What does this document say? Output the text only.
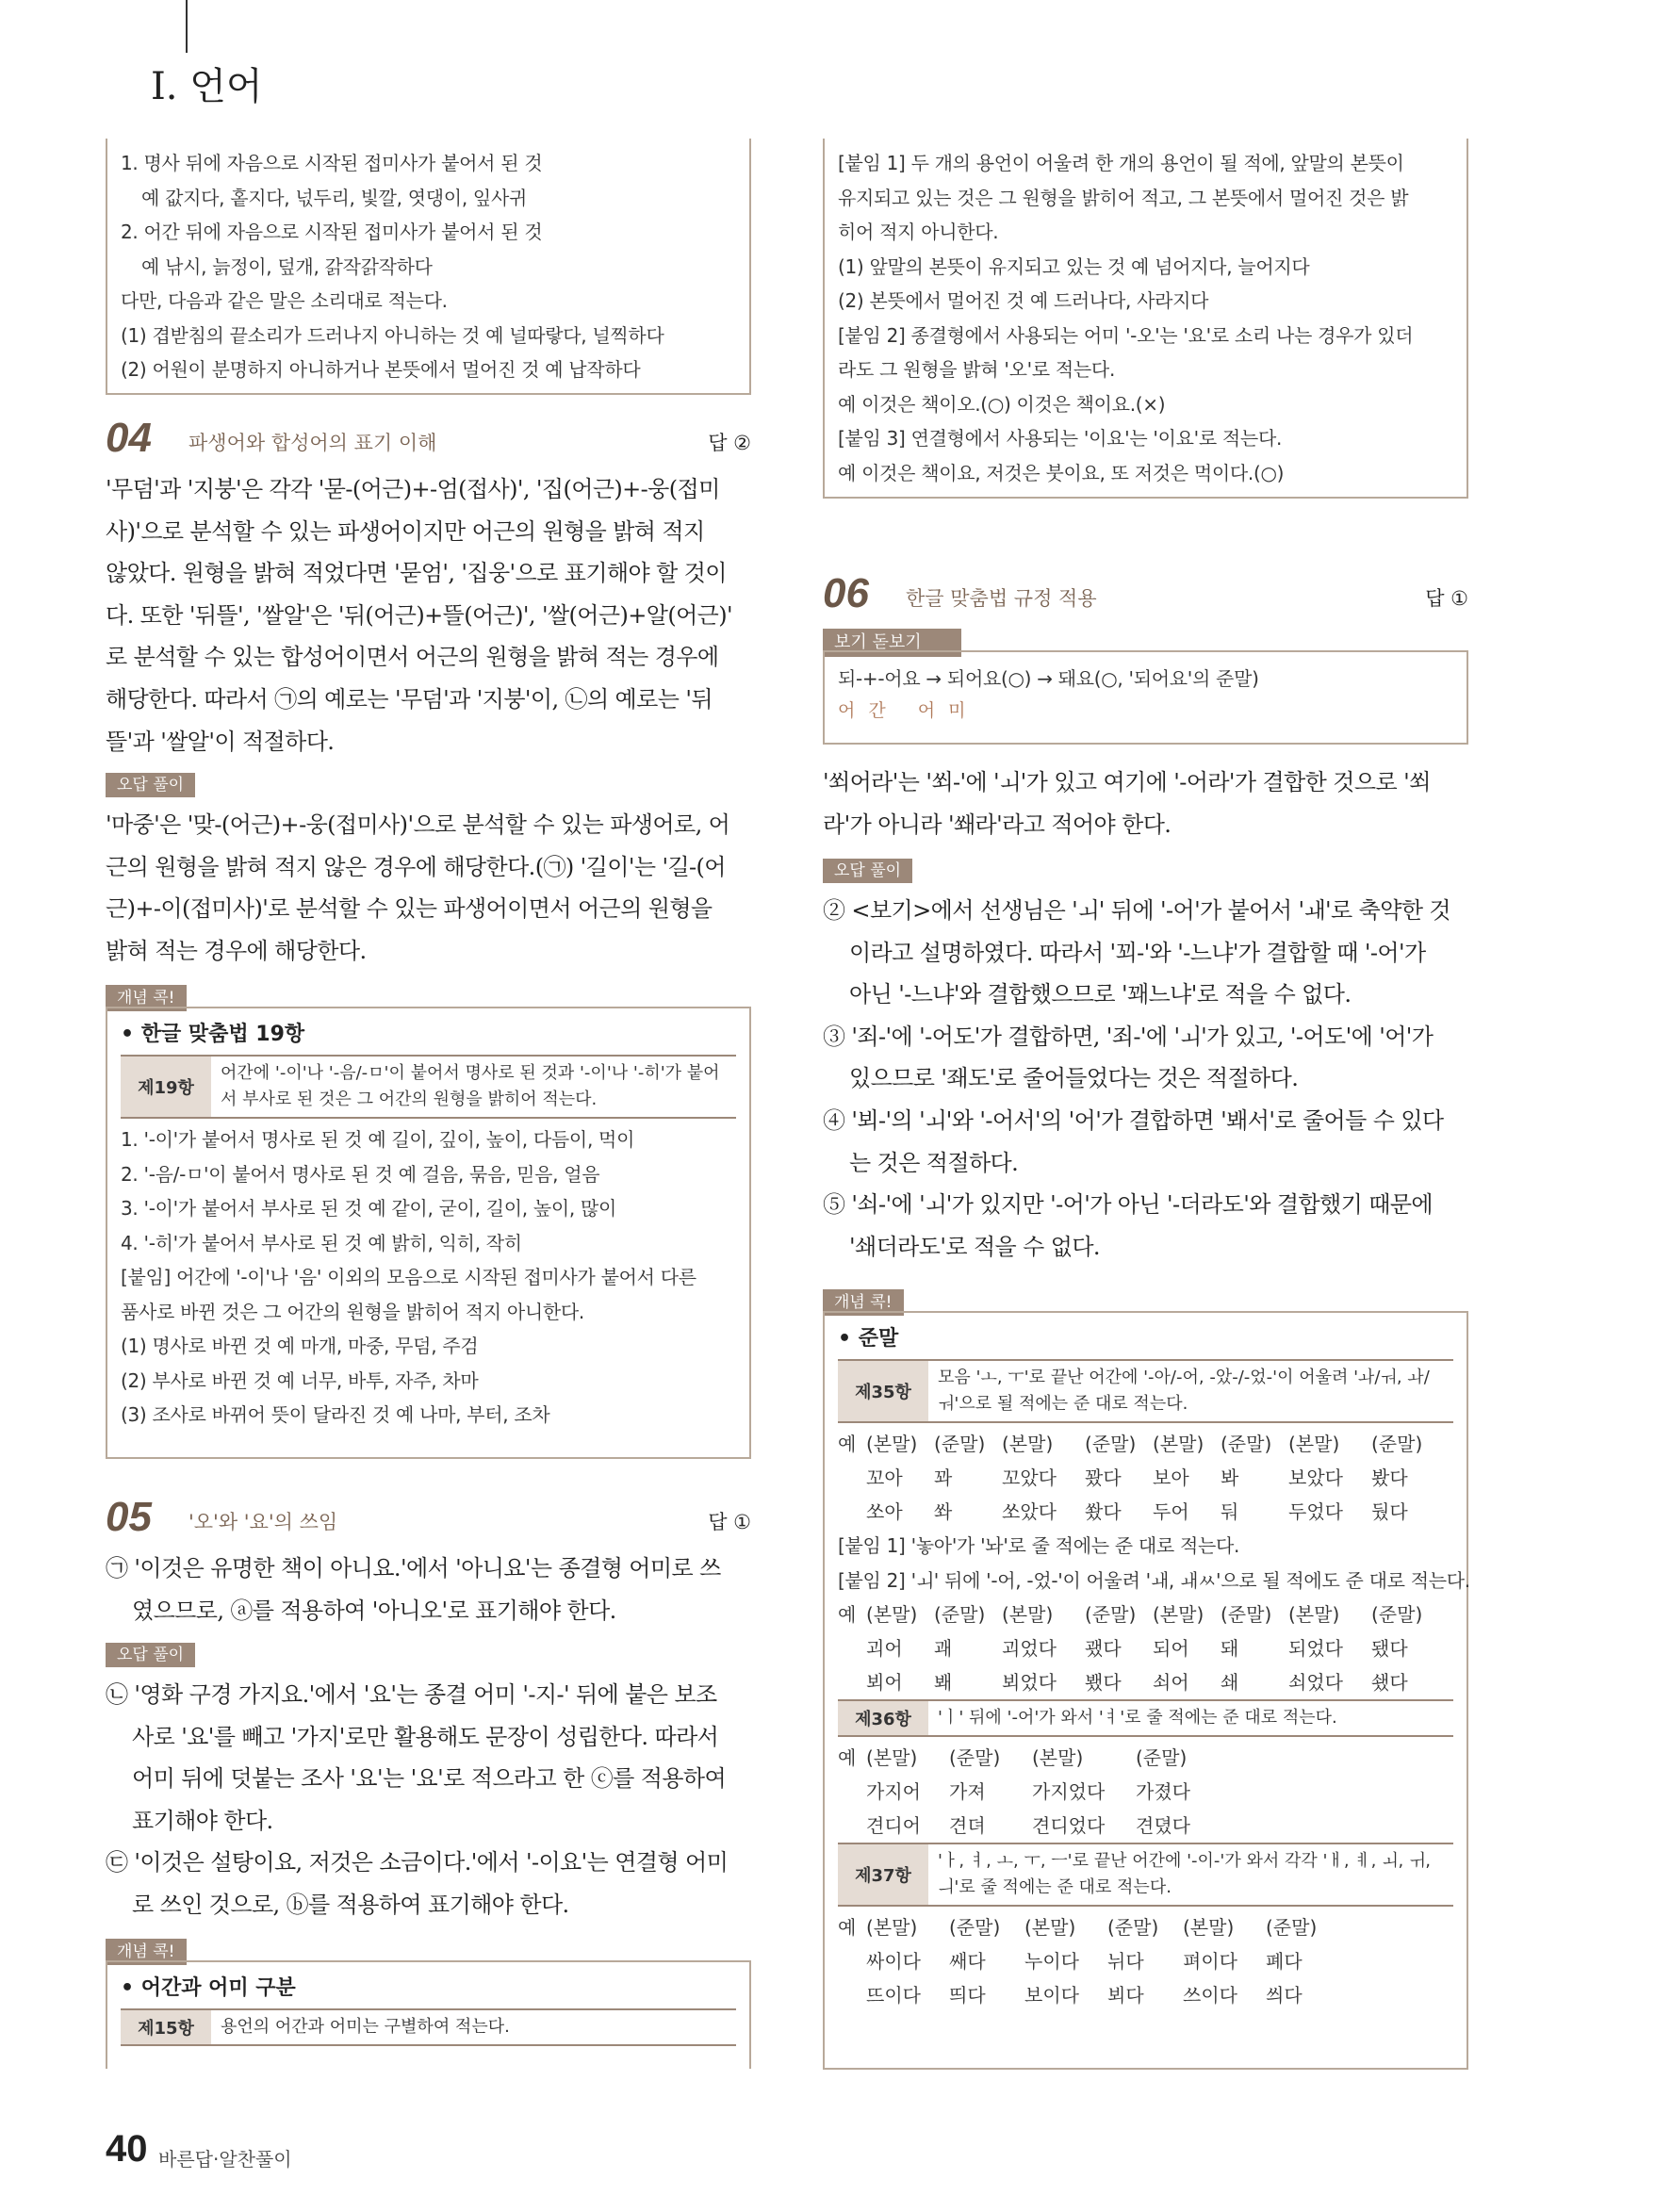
Ⅰ. 언어
1. 명사 뒤에 자음으로 시작된 접미사가 붙어서 된 것
예 값지다, 홑지다, 넋두리, 빛깔, 엿댕이, 잎사귀
2. 어간 뒤에 자음으로 시작된 접미사가 붙어서 된 것
예 낚시, 늙정이, 덮개, 갉작갉작하다
다만, 다음과 같은 말은 소리대로 적는다.
(1) 겹받침의 끝소리가 드러나지 아니하는 것 예 널따랗다, 널찍하다
(2) 어원이 분명하지 아니하거나 본뜻에서 멀어진 것 예 납작하다
[붙임 1] 두 개의 용언이 어울려 한 개의 용언이 될 적에, 앞말의 본뜻이
유지되고 있는 것은 그 원형을 밝히어 적고, 그 본뜻에서 멀어진 것은 밝
히어 적지 아니한다.
(1) 앞말의 본뜻이 유지되고 있는 것 예 넘어지다, 늘어지다
(2) 본뜻에서 멀어진 것 예 드러나다, 사라지다
[붙임 2] 종결형에서 사용되는 어미 '-오'는 '요'로 소리 나는 경우가 있더
라도 그 원형을 밝혀 '오'로 적는다.
예 이것은 책이오.(○) 이것은 책이요.(×)
[붙임 3] 연결형에서 사용되는 '이요'는 '이요'로 적는다.
예 이것은 책이요, 저것은 붓이요, 또 저것은 먹이다.(○)
04 파생어와 합성어의 표기 이해	답 ②
'무덤'과 '지붕'은 각각 '묻-(어근)+-엄(접사)', '집(어근)+-웅(접미
사)'으로 분석할 수 있는 파생어이지만 어근의 원형을 밝혀 적지
않았다. 원형을 밝혀 적었다면 '묻엄', '집웅'으로 표기해야 할 것이
다. 또한 '뒤뜰', '쌀알'은 '뒤(어근)+뜰(어근)', '쌀(어근)+알(어근)'
로 분석할 수 있는 합성어이면서 어근의 원형을 밝혀 적는 경우에
해당한다. 따라서 ㉠의 예로는 '무덤'과 '지붕'이, ㉡의 예로는 '뒤
뜰'과 '쌀알'이 적절하다.
오답 풀이
'마중'은 '맞-(어근)+-웅(접미사)'으로 분석할 수 있는 파생어로, 어
근의 원형을 밝혀 적지 않은 경우에 해당한다.(㉠) '길이'는 '길-(어
근)+-이(접미사)'로 분석할 수 있는 파생어이면서 어근의 원형을
밝혀 적는 경우에 해당한다.
개념 콕!
• 한글 맞춤법 19항
제19항
어간에 '-이'나 '-음/-ㅁ'이 붙어서 명사로 된 것과 '-이'나 '-히'가 붙어서 부사로 된 것은 그 어간의 원형을 밝히어 적는다.
1. '-이'가 붙어서 명사로 된 것 예 길이, 깊이, 높이, 다듬이, 먹이
2. '-음/-ㅁ'이 붙어서 명사로 된 것 예 걸음, 묶음, 믿음, 얼음
3. '-이'가 붙어서 부사로 된 것 예 같이, 굳이, 길이, 높이, 많이
4. '-히'가 붙어서 부사로 된 것 예 밝히, 익히, 작히
[붙임] 어간에 '-이'나 '음' 이외의 모음으로 시작된 접미사가 붙어서 다른
품사로 바뀐 것은 그 어간의 원형을 밝히어 적지 아니한다.
(1) 명사로 바뀐 것 예 마개, 마중, 무덤, 주검
(2) 부사로 바뀐 것 예 너무, 바투, 자주, 차마
(3) 조사로 바뀌어 뜻이 달라진 것 예 나마, 부터, 조차
05 '오'와 '요'의 쓰임	답 ①
㉠ '이것은 유명한 책이 아니요.'에서 '아니요'는 종결형 어미로 쓰
였으므로, ⓐ를 적용하여 '아니오'로 표기해야 한다.
오답 풀이
㉡ '영화 구경 가지요.'에서 '요'는 종결 어미 '-지-' 뒤에 붙은 보조
사로 '요'를 빼고 '가지'로만 활용해도 문장이 성립한다. 따라서
어미 뒤에 덧붙는 조사 '요'는 '요'로 적으라고 한 ⓒ를 적용하여
표기해야 한다.
㉢ '이것은 설탕이요, 저것은 소금이다.'에서 '-이요'는 연결형 어미
로 쓰인 것으로, ⓑ를 적용하여 표기해야 한다.
개념 콕!
• 어간과 어미 구분
제15항	용언의 어간과 어미는 구별하여 적는다.
06 한글 맞춤법 규정 적용	답 ①
보기 돋보기
되-+-어요 → 되어요(○) → 돼요(○, '되어요'의 준말)
어간 어미
'쐬어라'는 '쐬-'에 'ㅚ'가 있고 여기에 '-어라'가 결합한 것으로 '쐬
라'가 아니라 '쐐라'라고 적어야 한다.
오답 풀이
② <보기>에서 선생님은 'ㅚ' 뒤에 '-어'가 붙어서 'ㅙ'로 축약한 것
이라고 설명하였다. 따라서 '꾀-'와 '-느냐'가 결합할 때 '-어'가
아닌 '-느냐'와 결합했으므로 '꽤느냐'로 적을 수 없다.
③ '죄-'에 '-어도'가 결합하면, '죄-'에 'ㅚ'가 있고, '-어도'에 '어'가
있으므로 '좨도'로 줄어들었다는 것은 적절하다.
④ '뵈-'의 'ㅚ'와 '-어서'의 '어'가 결합하면 '봬서'로 줄어들 수 있다
는 것은 적절하다.
⑤ '쇠-'에 'ㅚ'가 있지만 '-어'가 아닌 '-더라도'와 결합했기 때문에
'쇄더라도'로 적을 수 없다.
개념 콕!
• 준말
제35항
모음 'ㅗ, ㅜ'로 끝난 어간에 '-아/-어, -았-/-었-'이 어울려 'ㅘ/ㅝ, ㅘ/ㅝ'으로 될 적에는 준 대로 적는다.
예 (본말) (준말) (본말)	(준말) (본말) (준말) (본말)	(준말)
꼬아	꽈	꼬았다	꽜다	보아	봐	보았다	봤다
쏘아	쏴	쏘았다	쐈다	두어	둬	두었다	뒀다
[붙임 1] '놓아'가 '놔'로 줄 적에는 준 대로 적는다.
[붙임 2] 'ㅚ' 뒤에 '-어, -었-'이 어울려 'ㅙ, ㅙㅆ'으로 될 적에도 준 대로 적는다.
예 (본말) (준말) (본말)	(준말) (본말) (준말) (본말)	(준말)
괴어	괘	괴었다	괬다	되어	돼	되었다	됐다
뵈어	봬	뵈었다	뵀다	쇠어	쇄	쇠었다	쇘다
제36항	'ㅣ' 뒤에 '-어'가 와서 'ㅕ'로 줄 적에는 준 대로 적는다.
예 (본말)	(준말)	(본말)	(준말)
가지어	가져	가지었다	가졌다
견디어	견뎌	견디었다	견뎠다
제37항
'ㅏ, ㅕ, ㅗ, ㅜ, ㅡ'로 끝난 어간에 '-이-'가 와서 각각 'ㅐ, ㅖ, ㅚ, ㅟ, ㅢ'로 줄 적에는 준 대로 적는다.
예 (본말)	(준말)	(본말)	(준말)	(본말)	(준말)
싸이다	쌔다	누이다	뉘다	펴이다	폐다
뜨이다	띄다	보이다	뵈다	쓰이다	씌다
40 바른답·알찬풀이
